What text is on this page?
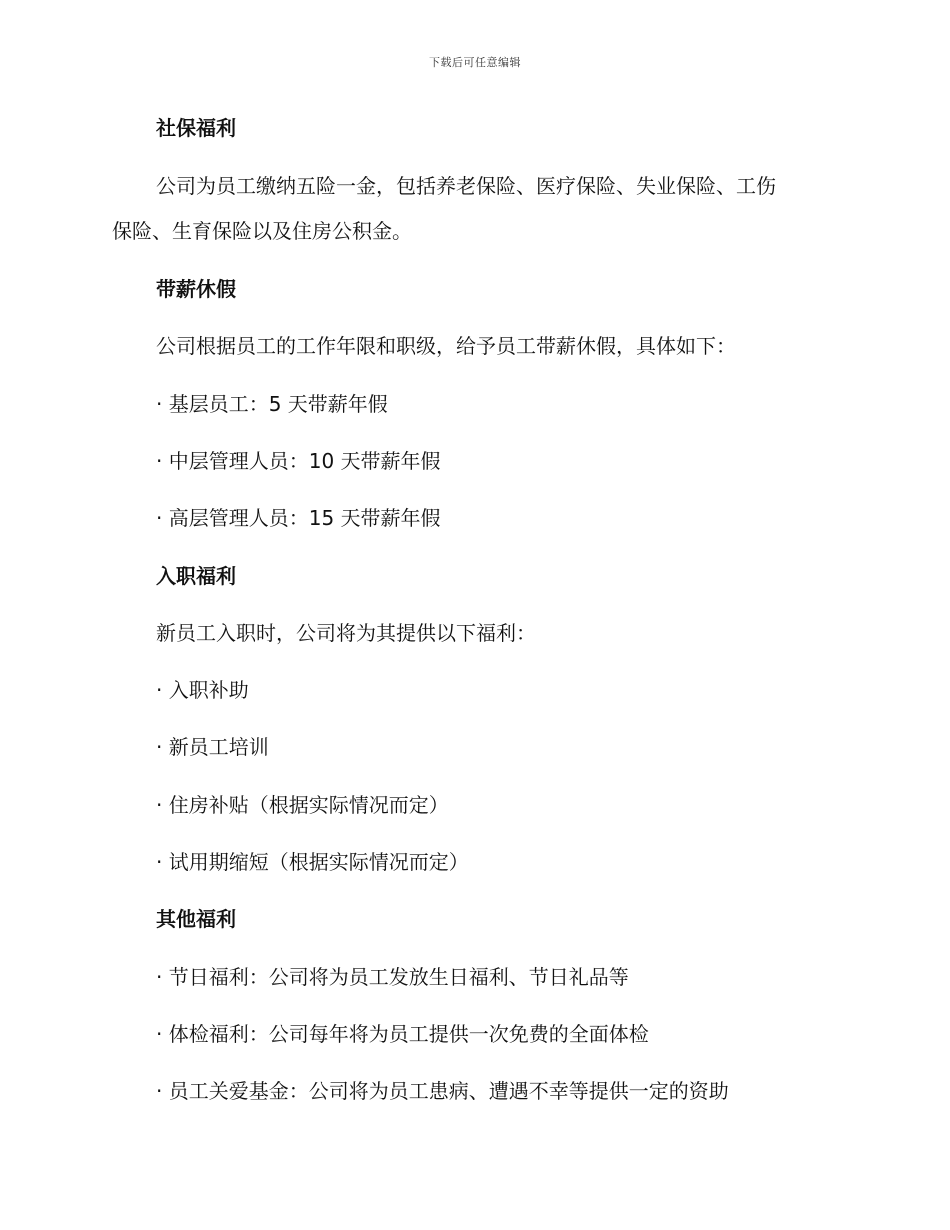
下载后可任意编辑
社保福利
公司为员工缴纳五险一金，包括养老保险、医疗保险、失业保险、工伤
保险、生育保险以及住房公积金。
带薪休假
公司根据员工的工作年限和职级，给予员工带薪休假，具体如下：
· 基层员工：5 天带薪年假
· 中层管理人员：10 天带薪年假
· 高层管理人员：15 天带薪年假
入职福利
新员工入职时，公司将为其提供以下福利：
· 入职补助
· 新员工培训
· 住房补贴（根据实际情况而定）
· 试用期缩短（根据实际情况而定）
其他福利
· 节日福利：公司将为员工发放生日福利、节日礼品等
· 体检福利：公司每年将为员工提供一次免费的全面体检
· 员工关爱基金：公司将为员工患病、遭遇不幸等提供一定的资助
